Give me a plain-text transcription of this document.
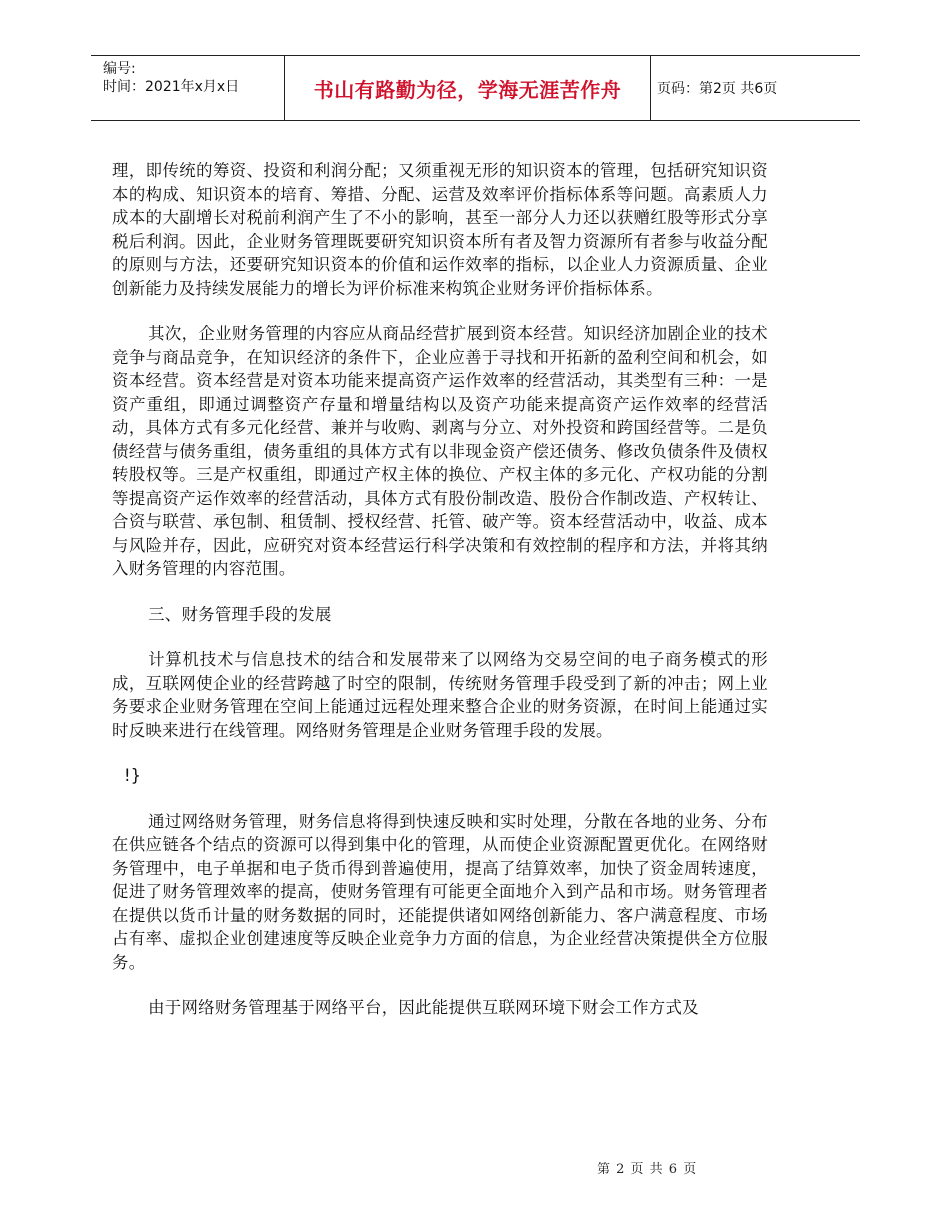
编号:
时间：2021年x月x日	书山有路勤为径，学海无涯苦作舟	页码：第2页 共6页

理，即传统的筹资、投资和利润分配；又须重视无形的知识资本的管理，包括研究知识资本的构成、知识资本的培育、筹措、分配、运营及效率评价指标体系等问题。高素质人力成本的大副增长对税前利润产生了不小的影响，甚至一部分人力还以获赠红股等形式分享税后利润。因此，企业财务管理既要研究知识资本所有者及智力资源所有者参与收益分配的原则与方法，还要研究知识资本的价值和运作效率的指标，以企业人力资源质量、企业创新能力及持续发展能力的增长为评价标准来构筑企业财务评价指标体系。

其次，企业财务管理的内容应从商品经营扩展到资本经营。知识经济加剧企业的技术竞争与商品竞争，在知识经济的条件下，企业应善于寻找和开拓新的盈利空间和机会，如资本经营。资本经营是对资本功能来提高资产运作效率的经营活动，其类型有三种：一是资产重组，即通过调整资产存量和增量结构以及资产功能来提高资产运作效率的经营活动，具体方式有多元化经营、兼并与收购、剥离与分立、对外投资和跨国经营等。二是负债经营与债务重组，债务重组的具体方式有以非现金资产偿还债务、修改负债条件及债权转股权等。三是产权重组，即通过产权主体的换位、产权主体的多元化、产权功能的分割等提高资产运作效率的经营活动，具体方式有股份制改造、股份合作制改造、产权转让、合资与联营、承包制、租赁制、授权经营、托管、破产等。资本经营活动中，收益、成本与风险并存，因此，应研究对资本经营运行科学决策和有效控制的程序和方法，并将其纳入财务管理的内容范围。

三、财务管理手段的发展

计算机技术与信息技术的结合和发展带来了以网络为交易空间的电子商务模式的形成，互联网使企业的经营跨越了时空的限制，传统财务管理手段受到了新的冲击；网上业务要求企业财务管理在空间上能通过远程处理来整合企业的财务资源，在时间上能通过实时反映来进行在线管理。网络财务管理是企业财务管理手段的发展。

!}

通过网络财务管理，财务信息将得到快速反映和实时处理，分散在各地的业务、分布在供应链各个结点的资源可以得到集中化的管理，从而使企业资源配置更优化。在网络财务管理中，电子单据和电子货币得到普遍使用，提高了结算效率，加快了资金周转速度，促进了财务管理效率的提高，使财务管理有可能更全面地介入到产品和市场。财务管理者在提供以货币计量的财务数据的同时，还能提供诸如网络创新能力、客户满意程度、市场占有率、虚拟企业创建速度等反映企业竞争力方面的信息，为企业经营决策提供全方位服务。

由于网络财务管理基于网络平台，因此能提供互联网环境下财会工作方式及

第 2 页 共 6 页
